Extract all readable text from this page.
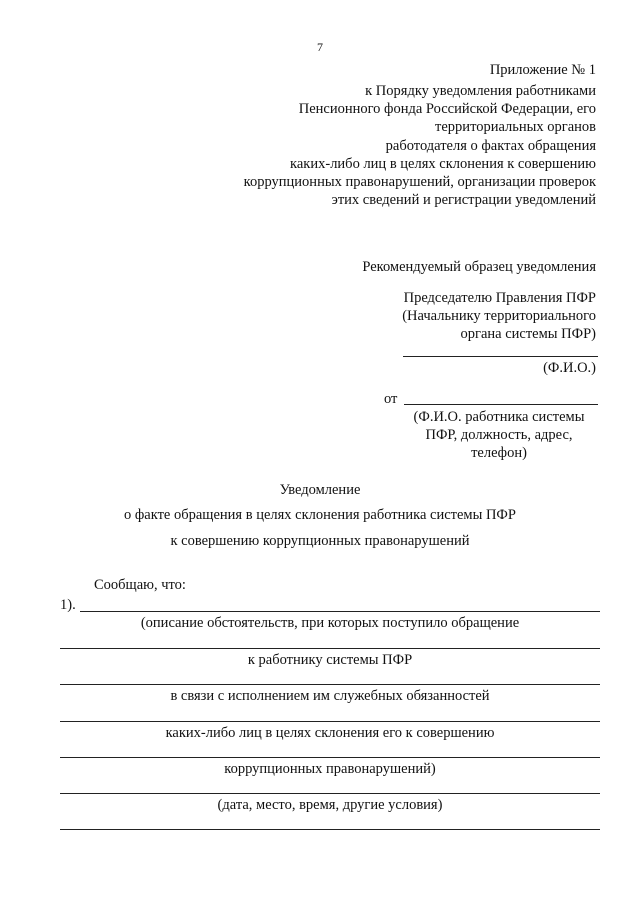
7
Приложение № 1
к Порядку уведомления работниками
Пенсионного фонда Российской Федерации, его
территориальных органов
работодателя о фактах обращения
каких-либо лиц в целях склонения к совершению
коррупционных правонарушений, организации проверок
этих сведений и регистрации уведомлений
Рекомендуемый образец уведомления
Председателю Правления ПФР
(Начальнику территориального
органа системы ПФР)
(Ф.И.О.)
от
(Ф.И.О. работника системы
ПФР, должность, адрес,
телефон)
Уведомление
о факте обращения в целях склонения работника системы ПФР
к совершению коррупционных правонарушений
Сообщаю, что:
1).
(описание обстоятельств, при которых поступило обращение
к работнику системы ПФР
в связи с исполнением им служебных обязанностей
каких-либо лиц в целях склонения его к совершению
коррупционных правонарушений)
(дата, место, время, другие условия)
